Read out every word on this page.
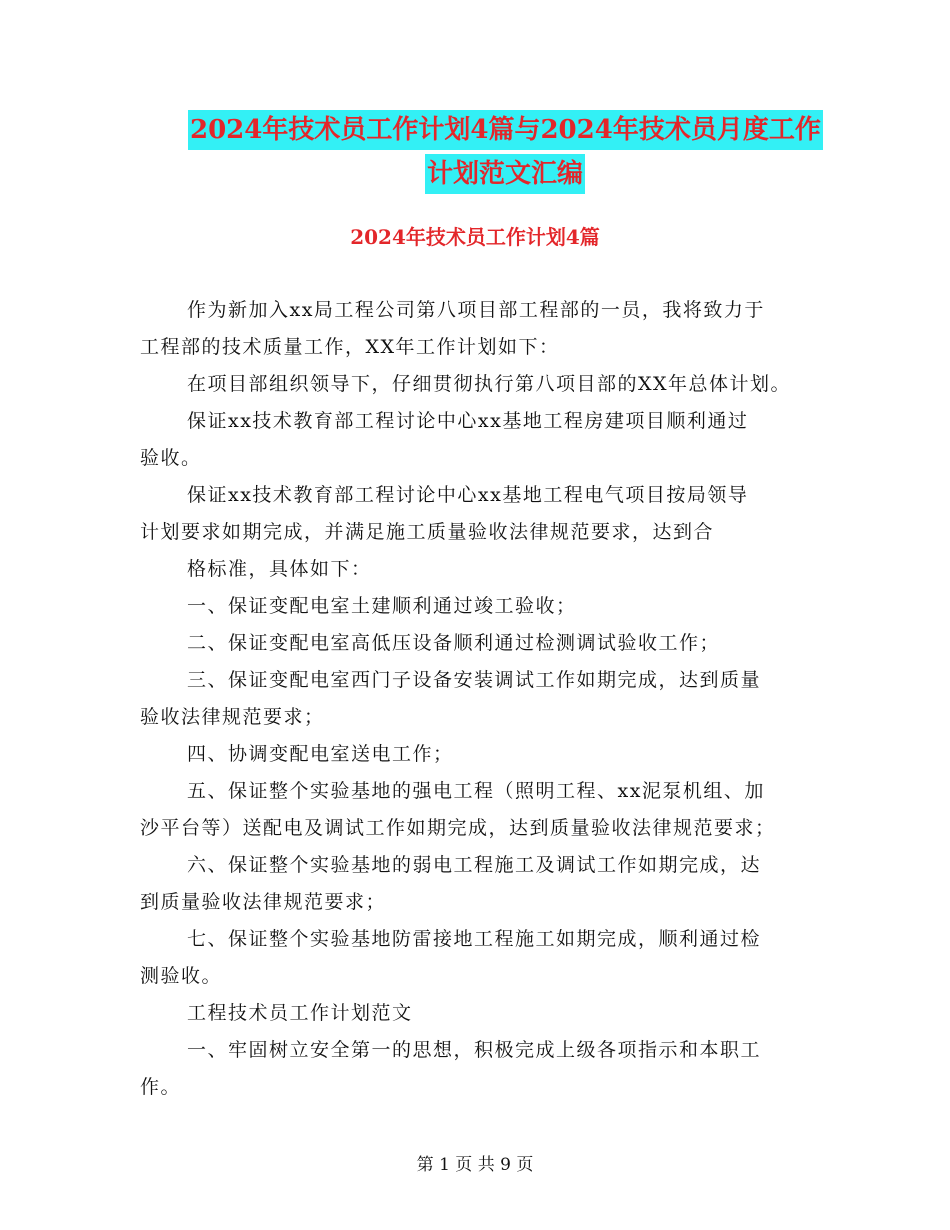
2024年技术员工作计划4篇与2024年技术员月度工作
计划范文汇编
2024年技术员工作计划4篇
作为新加入xx局工程公司第八项目部工程部的一员，我将致力于
工程部的技术质量工作，XX年工作计划如下：
在项目部组织领导下，仔细贯彻执行第八项目部的XX年总体计划。
保证xx技术教育部工程讨论中心xx基地工程房建项目顺利通过
验收。
保证xx技术教育部工程讨论中心xx基地工程电气项目按局领导
计划要求如期完成，并满足施工质量验收法律规范要求，达到合
格标准，具体如下：
一、保证变配电室土建顺利通过竣工验收；
二、保证变配电室高低压设备顺利通过检测调试验收工作；
三、保证变配电室西门子设备安装调试工作如期完成，达到质量
验收法律规范要求；
四、协调变配电室送电工作；
五、保证整个实验基地的强电工程（照明工程、xx泥泵机组、加
沙平台等）送配电及调试工作如期完成，达到质量验收法律规范要求；
六、保证整个实验基地的弱电工程施工及调试工作如期完成，达
到质量验收法律规范要求；
七、保证整个实验基地防雷接地工程施工如期完成，顺利通过检
测验收。
工程技术员工作计划范文
一、牢固树立安全第一的思想，积极完成上级各项指示和本职工
作。
第 1 页 共 9 页
